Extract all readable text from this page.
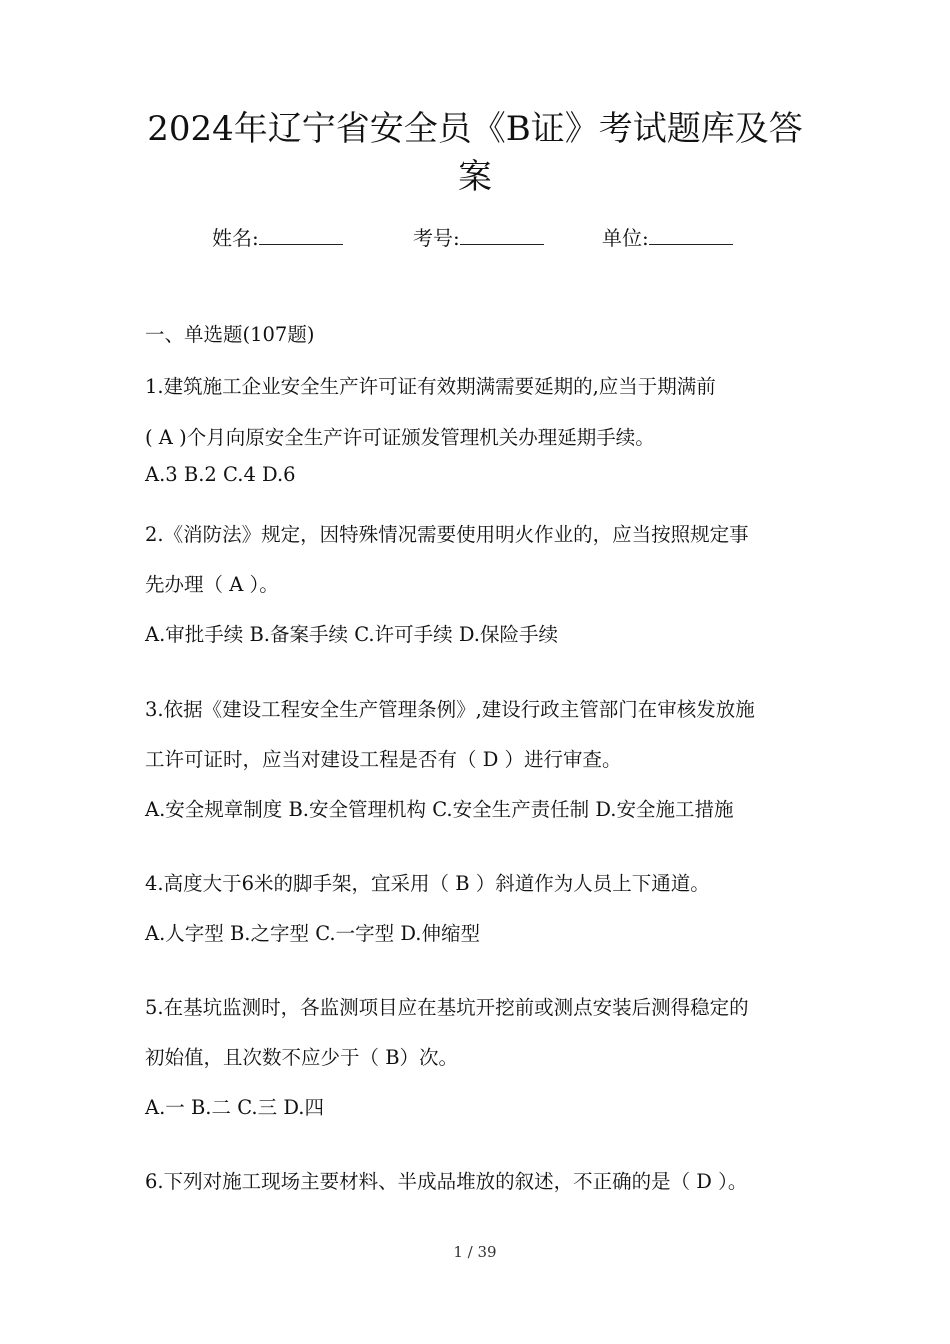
2024年辽宁省安全员《B证》考试题库及答
案
姓名:	考号:	单位:
一、单选题(107题)
1.建筑施工企业安全生产许可证有效期满需要延期的,应当于期满前
( A )个月向原安全生产许可证颁发管理机关办理延期手续。
A.3 B.2 C.4 D.6
2.《消防法》规定，因特殊情况需要使用明火作业的，应当按照规定事
先办理（ A ）。
A.审批手续 B.备案手续 C.许可手续 D.保险手续
3.依据《建设工程安全生产管理条例》,建设行政主管部门在审核发放施
工许可证时，应当对建设工程是否有（ D ）进行审查。
A.安全规章制度 B.安全管理机构 C.安全生产责任制 D.安全施工措施
4.高度大于6米的脚手架，宜采用（ B ）斜道作为人员上下通道。
A.人字型 B.之字型 C.一字型 D.伸缩型
5.在基坑监测时，各监测项目应在基坑开挖前或测点安装后测得稳定的
初始值，且次数不应少于（ B）次。
A.一 B.二 C.三 D.四
6.下列对施工现场主要材料、半成品堆放的叙述，不正确的是（ D ）。
1 / 39
